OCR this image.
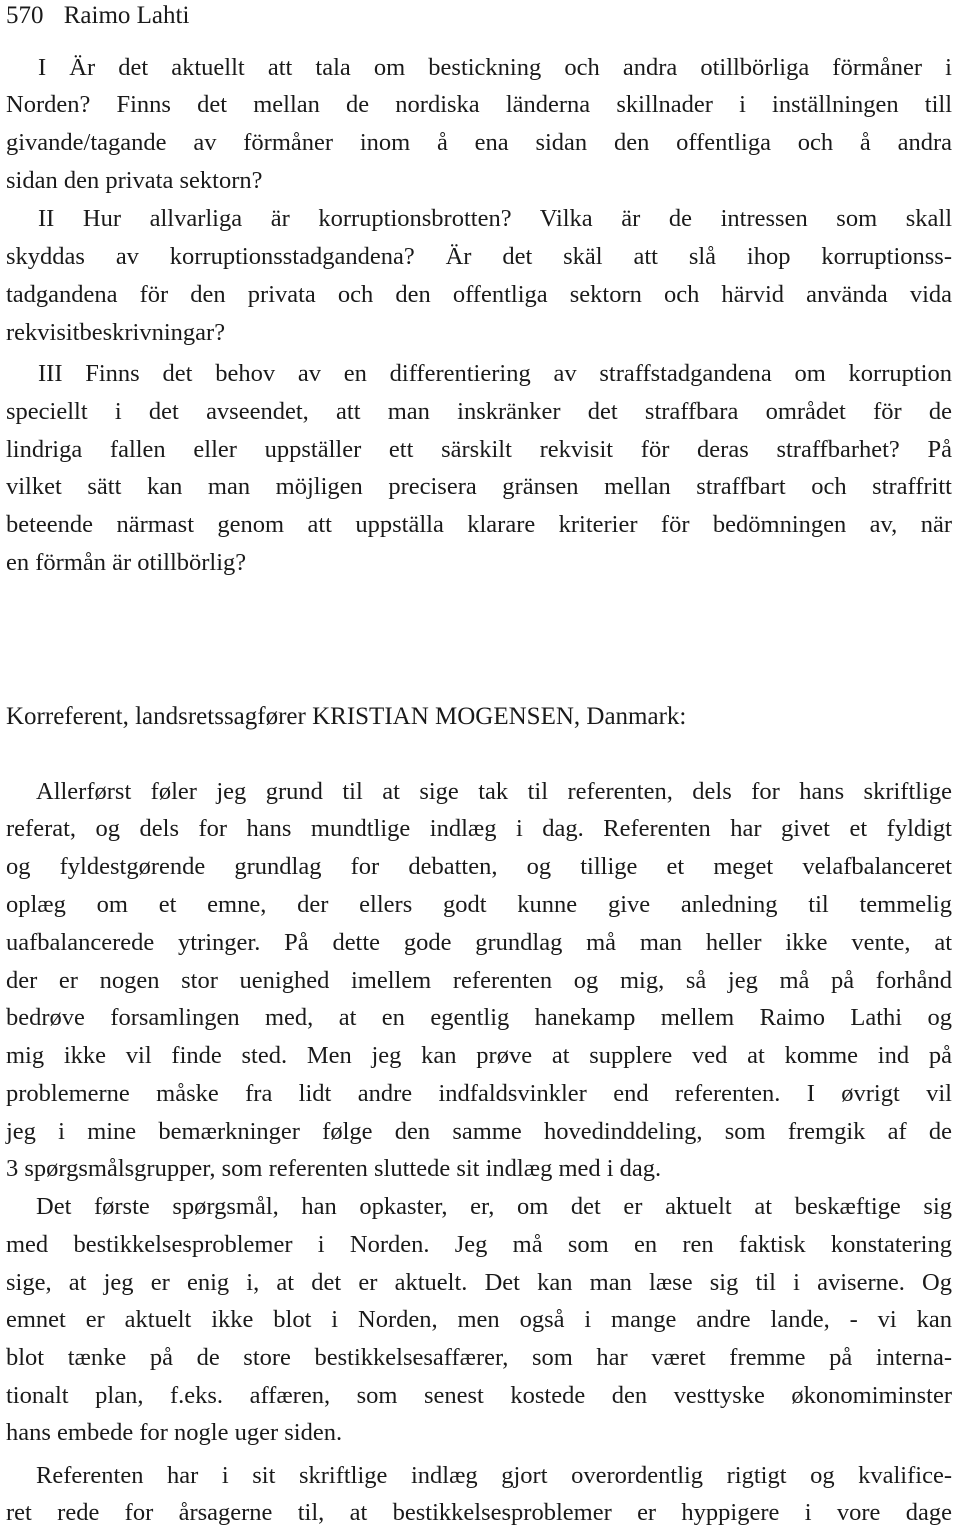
570 Raimo Lahti
I Är det aktuellt att tala om bestickning och andra otillbörliga förmåner i
Norden? Finns det mellan de nordiska länderna skillnader i inställningen till
givande/tagande av förmåner inom å ena sidan den offentliga och å andra
sidan den privata sektorn?
II Hur allvarliga är korruptionsbrotten? Vilka är de intressen som skall
skyddas av korruptionsstadgandena? Är det skäl att slå ihop korruptionss-
tadgandena för den privata och den offentliga sektorn och härvid använda vida
rekvisitbeskrivningar?
III Finns det behov av en differentiering av straffstadgandena om korruption
speciellt i det avseendet, att man inskränker det straffbara området för de
lindriga fallen eller uppställer ett särskilt rekvisit för deras straffbarhet? På
vilket sätt kan man möjligen precisera gränsen mellan straffbart och straffritt
beteende närmast genom att uppställa klarare kriterier för bedömningen av, när
en förmån är otillbörlig?
Korreferent, landsretssagfører KRISTIAN MOGENSEN, Danmark:
Allerførst føler jeg grund til at sige tak til referenten, dels for hans skriftlige
referat, og dels for hans mundtlige indlæg i dag. Referenten har givet et fyldigt
og fyldestgørende grundlag for debatten, og tillige et meget velafbalanceret
oplæg om et emne, der ellers godt kunne give anledning til temmelig
uafbalancerede ytringer. På dette gode grundlag må man heller ikke vente, at
der er nogen stor uenighed imellem referenten og mig, så jeg må på forhånd
bedrøve forsamlingen med, at en egentlig hanekamp mellem Raimo Lathi og
mig ikke vil finde sted. Men jeg kan prøve at supplere ved at komme ind på
problemerne måske fra lidt andre indfaldsvinkler end referenten. I øvrigt vil
jeg i mine bemærkninger følge den samme hovedinddeling, som fremgik af de
3 spørgsmålsgrupper, som referenten sluttede sit indlæg med i dag.
Det første spørgsmål, han opkaster, er, om det er aktuelt at beskæftige sig
med bestikkelsesproblemer i Norden. Jeg må som en ren faktisk konstatering
sige, at jeg er enig i, at det er aktuelt. Det kan man læse sig til i aviserne. Og
emnet er aktuelt ikke blot i Norden, men også i mange andre lande, - vi kan
blot tænke på de store bestikkelsesaffærer, som har været fremme på interna-
tionalt plan, f.eks. affæren, som senest kostede den vesttyske økonomiminster
hans embede for nogle uger siden.
Referenten har i sit skriftlige indlæg gjort overordentlig rigtigt og kvalifice-
ret rede for årsagerne til, at bestikkelsesproblemer er hyppigere i vore dage
